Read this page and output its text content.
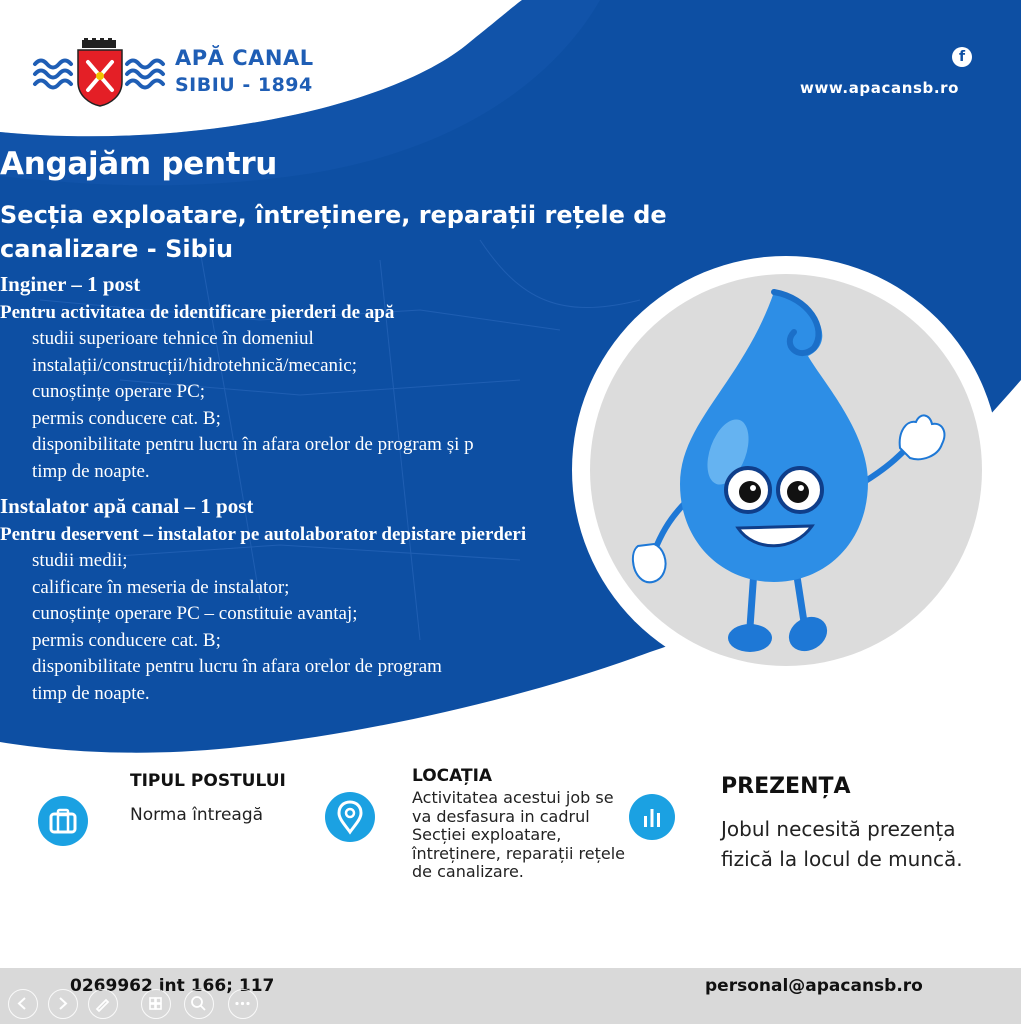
APĂ CANAL
SIBIU - 1894
f
www.apacansb.ro
Angajăm pentru
Secția exploatare, întreținere, reparații rețele de canalizare - Sibiu
Inginer – 1 post
Pentru activitatea de identificare pierderi de apă
studii superioare tehnice în domeniul
instalații/construcții/hidrotehnică/mecanic;
cunoștințe operare PC;
permis conducere cat. B;
disponibilitate pentru lucru în afara orelor de program și p
timp de noapte.
Instalator apă canal – 1 post
Pentru deservent – instalator pe autolaborator depistare pierderi
studii medii;
calificare în meseria de instalator;
cunoștințe operare PC – constituie avantaj;
permis conducere cat. B;
disponibilitate pentru lucru în afara orelor de program
timp de noapte.
TIPUL POSTULUI
Norma întreagă
LOCAȚIA
Activitatea acestui job se va desfasura in cadrul Secției exploatare, întreținere, reparații rețele de canalizare.
PREZENȚA
Jobul necesită prezența fizică la locul de muncă.
0269962 int 166; 117	personal@apacansb.ro
